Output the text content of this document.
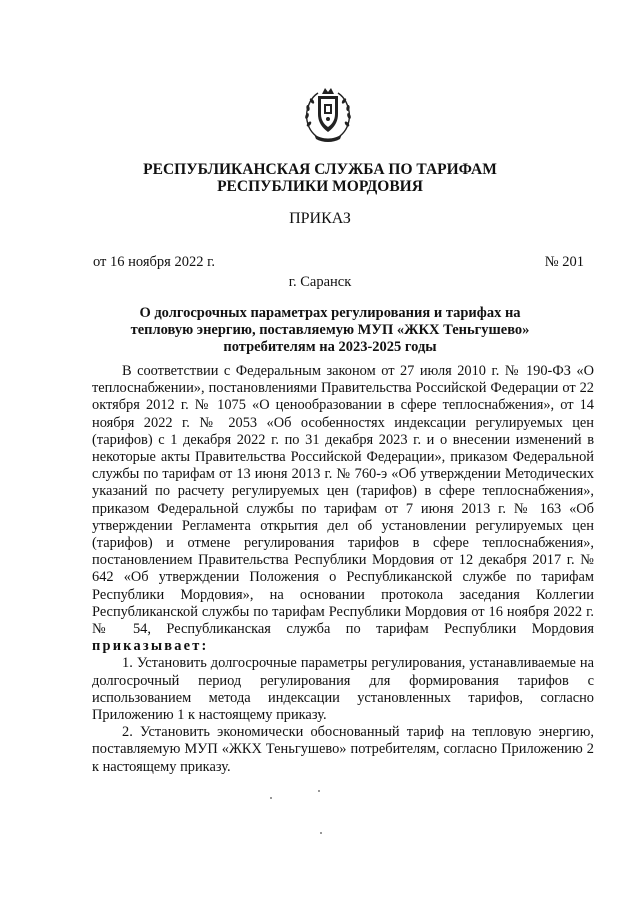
РЕСПУБЛИКАНСКАЯ СЛУЖБА ПО ТАРИФАМ
РЕСПУБЛИКИ МОРДОВИЯ
ПРИКАЗ
от 16 ноября 2022 г.	№ 201
г. Саранск
О долгосрочных параметрах регулирования и тарифах на
тепловую энергию, поставляемую МУП «ЖКХ Теньгушево»
потребителям на 2023-2025 годы

В соответствии с Федеральным законом от 27 июля 2010 г. № 190-ФЗ «О теплоснабжении», постановлениями Правительства Российской Федерации от 22 октября 2012 г. № 1075 «О ценообразовании в сфере теплоснабжения», от 14 ноября 2022 г. № 2053 «Об особенностях индексации регулируемых цен (тарифов) с 1 декабря 2022 г. по 31 декабря 2023 г. и о внесении изменений в некоторые акты Правительства Российской Федерации», приказом Федеральной службы по тарифам от 13 июня 2013 г. № 760-э «Об утверждении Методических указаний по расчету регулируемых цен (тарифов) в сфере теплоснабжения», приказом Федеральной службы по тарифам от 7 июня 2013 г. № 163 «Об утверждении Регламента открытия дел об установлении регулируемых цен (тарифов) и отмене регулирования тарифов в сфере теплоснабжения», постановлением Правительства Республики Мордовия от 12 декабря 2017 г. № 642 «Об утверждении Положения о Республиканской службе по тарифам Республики Мордовия», на основании протокола заседания Коллегии Республиканской службы по тарифам Республики Мордовия от 16 ноября 2022 г. № 54, Республиканская служба по тарифам Республики Мордовия приказывает:

1. Установить долгосрочные параметры регулирования, устанавливаемые на долгосрочный период регулирования для формирования тарифов с использованием метода индексации установленных тарифов, согласно Приложению 1 к настоящему приказу.

2. Установить экономически обоснованный тариф на тепловую энергию, поставляемую МУП «ЖКХ Теньгушево» потребителям, согласно Приложению 2 к настоящему приказу.
